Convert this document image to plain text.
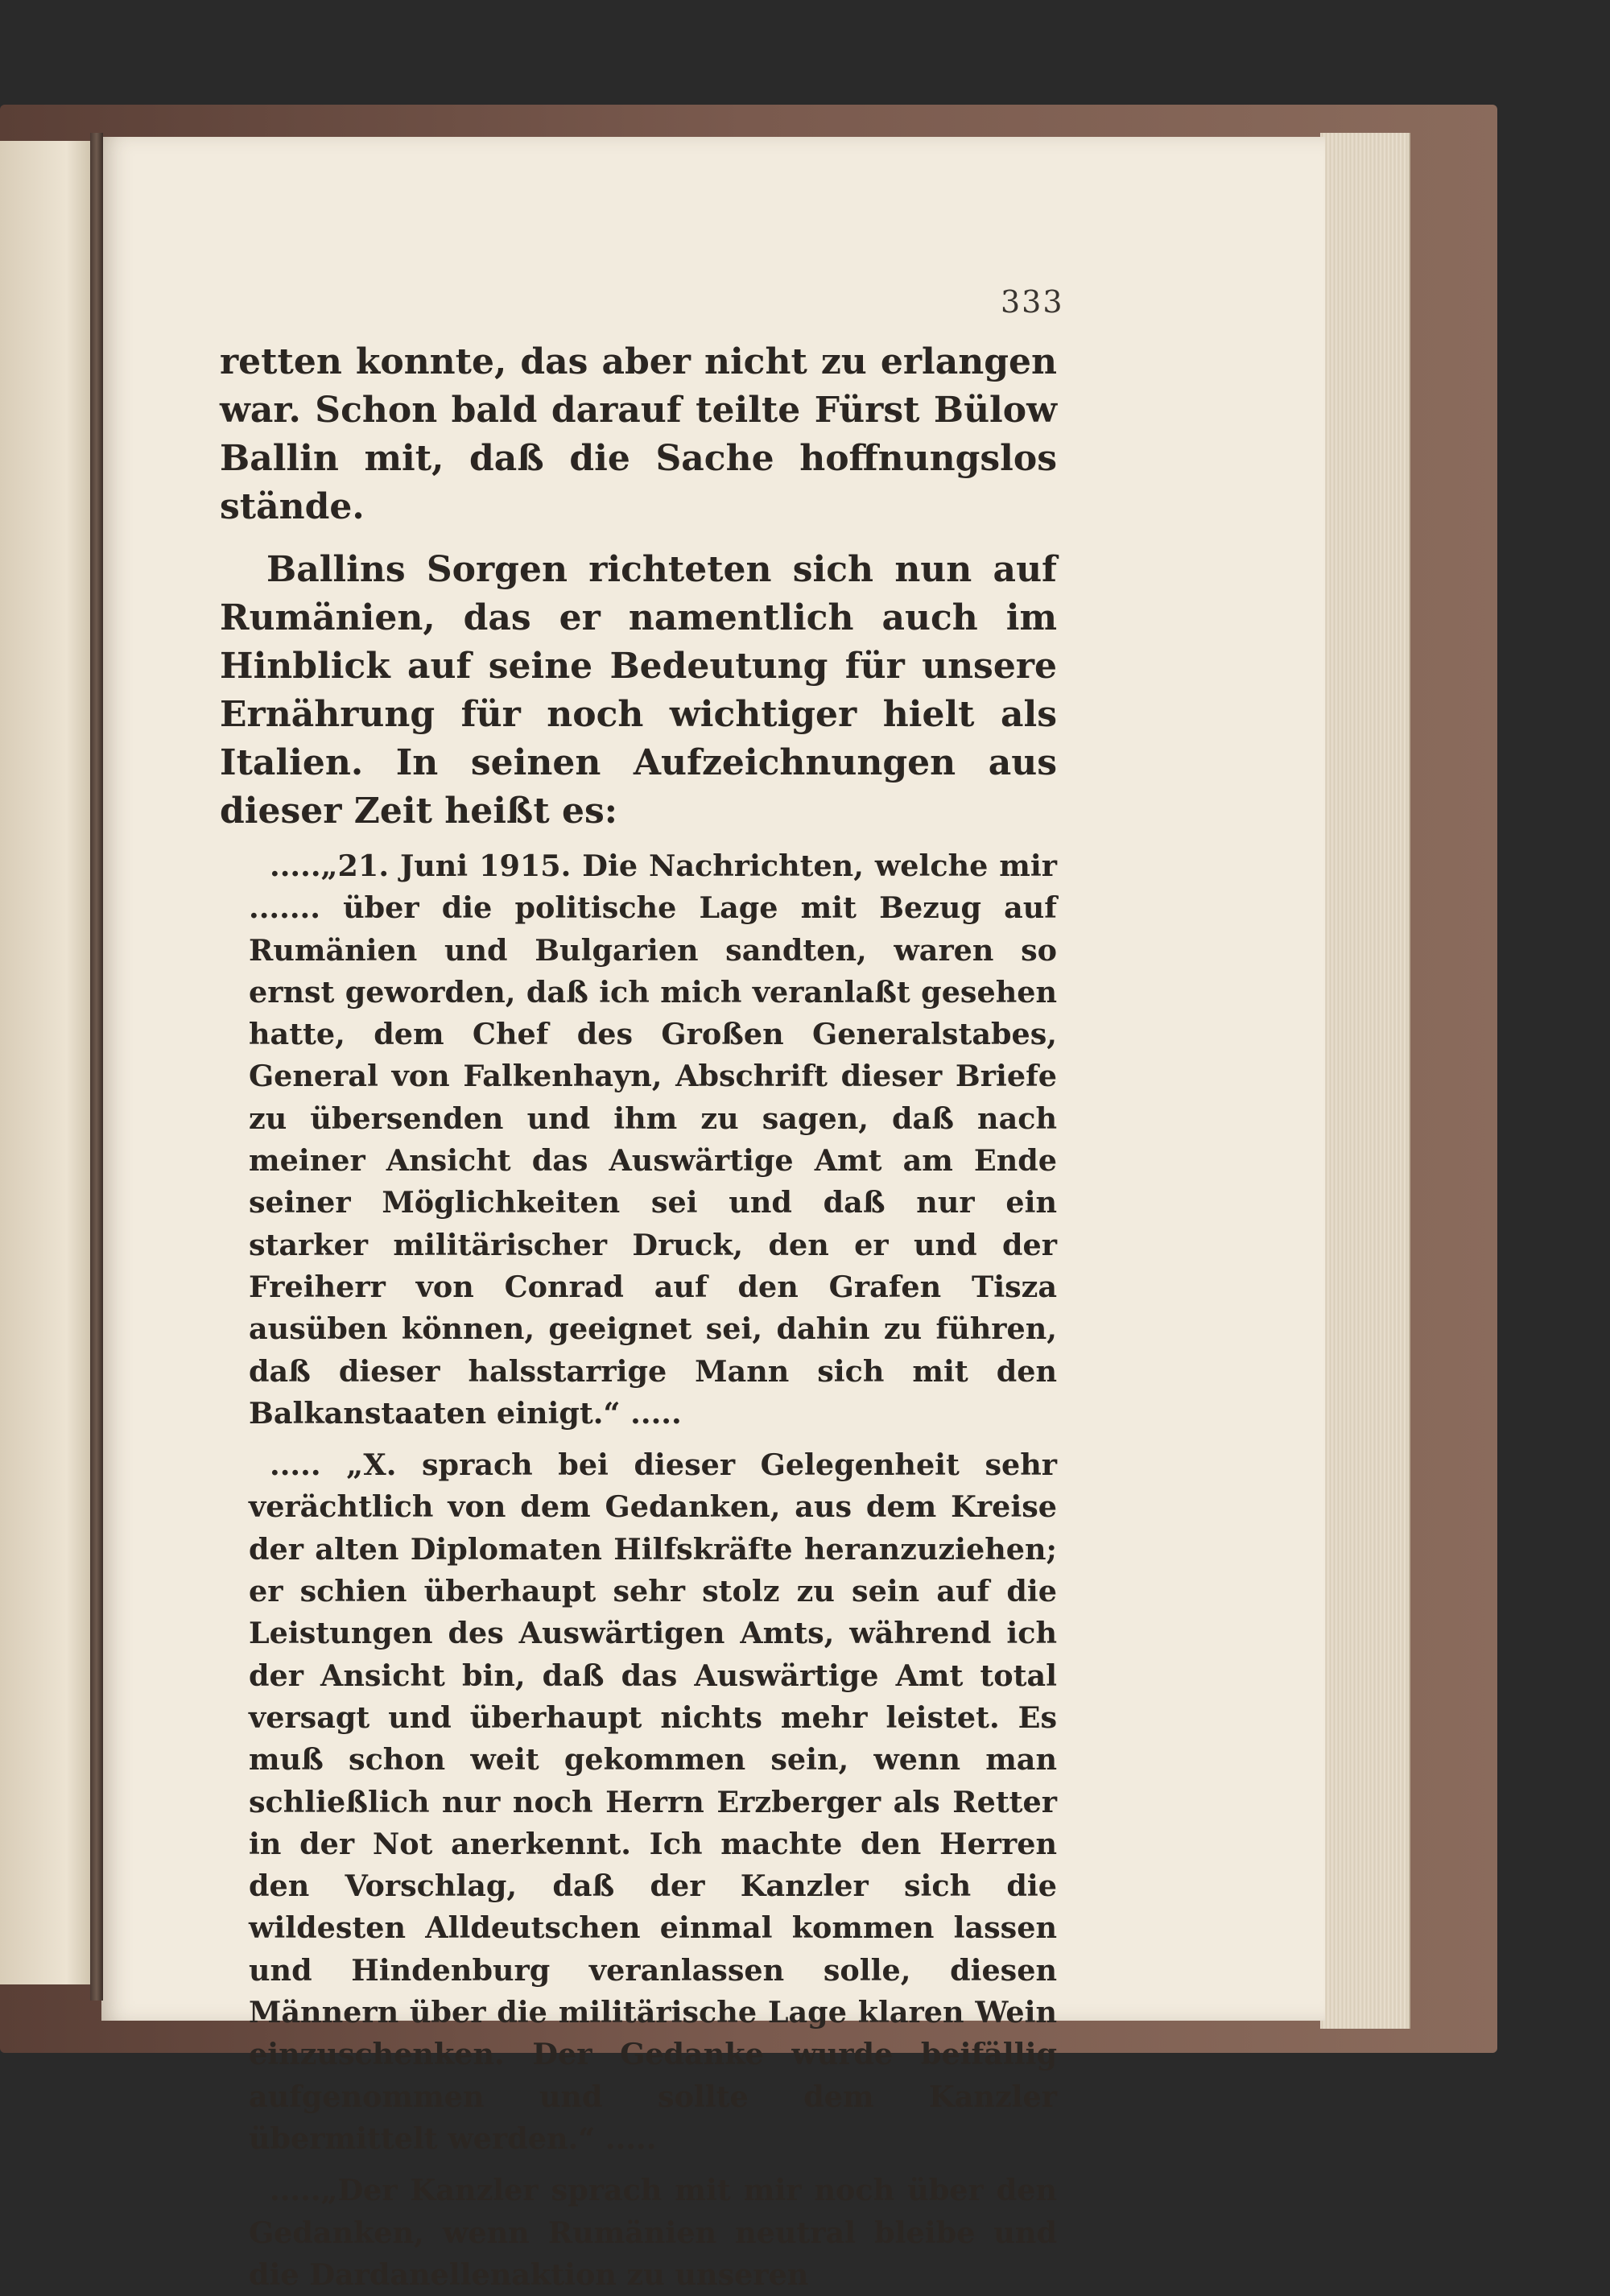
333

retten konnte, das aber nicht zu erlangen war. Schon bald darauf teilte Fürst Bülow Ballin mit, daß die Sache hoffnungslos stände.

Ballins Sorgen richteten sich nun auf Rumänien, das er namentlich auch im Hinblick auf seine Bedeutung für unsere Ernährung für noch wichtiger hielt als Italien. In seinen Aufzeichnungen aus dieser Zeit heißt es:

.....„21. Juni 1915. Die Nachrichten, welche mir ....... über die politische Lage mit Bezug auf Rumänien und Bulgarien sandten, waren so ernst geworden, daß ich mich veranlaßt gesehen hatte, dem Chef des Großen Generalstabes, General von Falkenhayn, Abschrift dieser Briefe zu übersenden und ihm zu sagen, daß nach meiner Ansicht das Auswärtige Amt am Ende seiner Möglichkeiten sei und daß nur ein starker militärischer Druck, den er und der Freiherr von Conrad auf den Grafen Tisza ausüben können, geeignet sei, dahin zu führen, daß dieser halsstarrige Mann sich mit den Balkanstaaten einigt.“ .....

..... „X. sprach bei dieser Gelegenheit sehr verächtlich von dem Gedanken, aus dem Kreise der alten Diplomaten Hilfskräfte heranzuziehen; er schien überhaupt sehr stolz zu sein auf die Leistungen des Auswärtigen Amts, während ich der Ansicht bin, daß das Auswärtige Amt total versagt und überhaupt nichts mehr leistet. Es muß schon weit gekommen sein, wenn man schließlich nur noch Herrn Erzberger als Retter in der Not anerkennt. Ich machte den Herren den Vorschlag, daß der Kanzler sich die wildesten Alldeutschen einmal kommen lassen und Hindenburg veranlassen solle, diesen Männern über die militärische Lage klaren Wein einzuschenken. Der Gedanke wurde beifällig aufgenommen und sollte dem Kanzler übermittelt werden.“ .....

.....„Der Kanzler sprach mit mir noch über den Gedanken, wenn Rumänien neutral bleibe und die Dardanellenaktion zu unseren
